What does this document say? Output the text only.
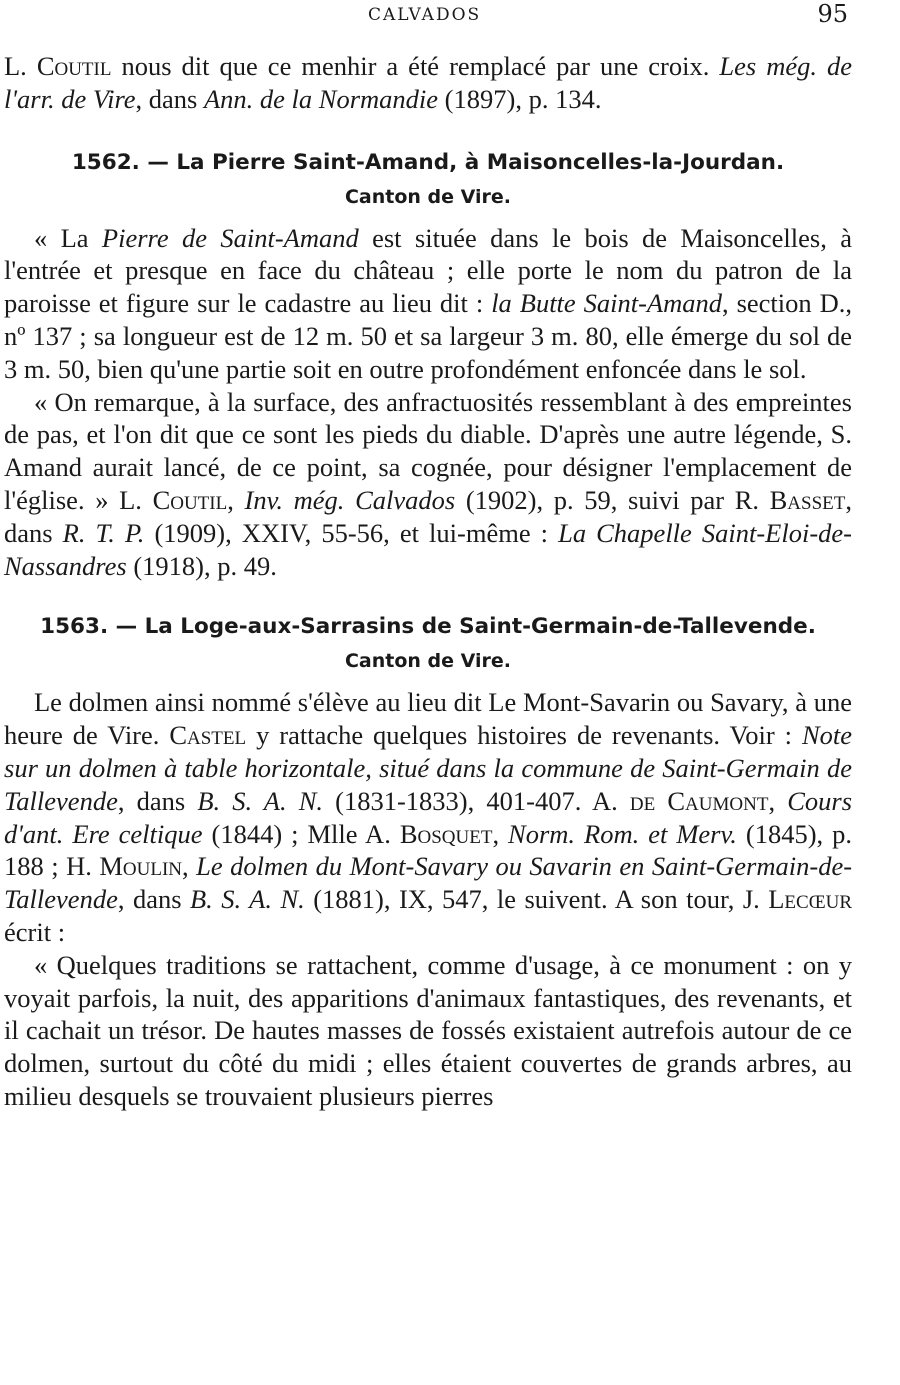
CALVADOS	95

L. Coutil nous dit que ce menhir a été remplacé par une croix. Les még. de l'arr. de Vire, dans Ann. de la Normandie (1897), p. 134.

1562. — La Pierre Saint-Amand, à Maisoncelles-la-Jourdan.
Canton de Vire.

« La Pierre de Saint-Amand est située dans le bois de Maisoncelles, à l'entrée et presque en face du château ; elle porte le nom du patron de la paroisse et figure sur le cadastre au lieu dit : la Butte Saint-Amand, section D., nº 137 ; sa longueur est de 12 m. 50 et sa largeur 3 m. 80, elle émerge du sol de 3 m. 50, bien qu'une partie soit en outre profondément enfoncée dans le sol.

« On remarque, à la surface, des anfractuosités ressemblant à des empreintes de pas, et l'on dit que ce sont les pieds du diable. D'après une autre légende, S. Amand aurait lancé, de ce point, sa cognée, pour désigner l'emplacement de l'église. » L. Coutil, Inv. még. Calvados (1902), p. 59, suivi par R. Basset, dans R. T. P. (1909), XXIV, 55-56, et lui-même : La Chapelle Saint-Eloi-de-Nassandres (1918), p. 49.

1563. — La Loge-aux-Sarrasins de Saint-Germain-de-Tallevende.
Canton de Vire.

Le dolmen ainsi nommé s'élève au lieu dit Le Mont-Savarin ou Savary, à une heure de Vire. Castel y rattache quelques histoires de revenants. Voir : Note sur un dolmen à table horizontale, situé dans la commune de Saint-Germain de Tallevende, dans B. S. A. N. (1831-1833), 401-407. A. de Caumont, Cours d'ant. Ere celtique (1844) ; Mlle A. Bosquet, Norm. Rom. et Merv. (1845), p. 188 ; H. Moulin, Le dolmen du Mont-Savary ou Savarin en Saint-Germain-de-Tallevende, dans B. S. A. N. (1881), IX, 547, le suivent. A son tour, J. Lecœur écrit :

« Quelques traditions se rattachent, comme d'usage, à ce monument : on y voyait parfois, la nuit, des apparitions d'animaux fantastiques, des revenants, et il cachait un trésor. De hautes masses de fossés existaient autrefois autour de ce dolmen, surtout du côté du midi ; elles étaient couvertes de grands arbres, au milieu desquels se trouvaient plusieurs pierres
